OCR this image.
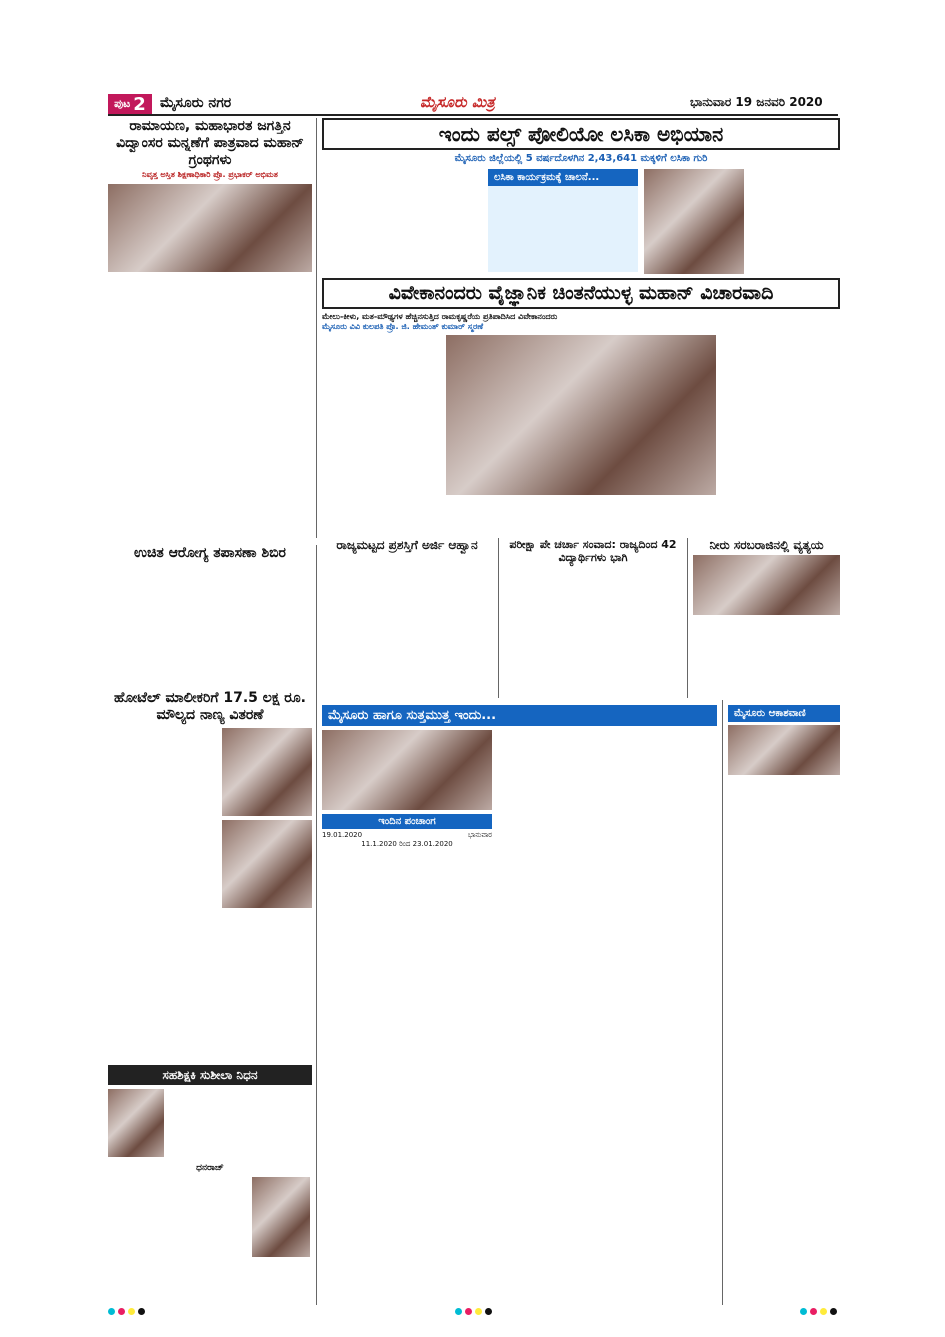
ಪುಟ 2 ಮೈಸೂರು ನಗರ	ಮೈಸೂರು ಮಿತ್ರ	ಭಾನುವಾರ 19 ಜನವರಿ 2020
ರಾಮಾಯಣ, ಮಹಾಭಾರತ ಜಗತ್ತಿನ ವಿದ್ವಾಂಸರ ಮನ್ನಣೆಗೆ ಪಾತ್ರವಾದ ಮಹಾನ್ ಗ್ರಂಥಗಳು
ನಿವೃತ್ತ ಅಸ್ತಿತ ಶಿಕ್ಷಣಾಧಿಕಾರಿ ಪ್ರೊ. ಪ್ರಭಾಕರ್ ಅಭಿಮತ
ಇಂದು ಪಲ್ಸ್ ಪೋಲಿಯೋ ಲಸಿಕಾ ಅಭಿಯಾನ
ಮೈಸೂರು ಜಿಲ್ಲೆಯಲ್ಲಿ 5 ವರ್ಷದೊಳಗಿನ 2,43,641 ಮಕ್ಕಳಿಗೆ ಲಸಿಕಾ ಗುರಿ
ಲಸಿಕಾ ಕಾರ್ಯಕ್ರಮಕ್ಕೆ ಚಾಲನೆ...
ವಿವೇಕಾನಂದರು ವೈಜ್ಞಾನಿಕ ಚಿಂತನೆಯುಳ್ಳ ಮಹಾನ್ ವಿಚಾರವಾದಿ
ಮೇಲು-ಕೀಳು, ಮತ-ಮೌಢ್ಯಗಳ ಹೆಚ್ಚಿನಸುತ್ತಿದ ರಾಮಕೃಷ್ಣರೆಯ ಪ್ರತಿಪಾದಿಸಿದ ವಿವೇಕಾನಂದರು
ಮೈಸೂರು ವಿವಿ ಕುಲಪತಿ ಪ್ರೊ. ಜಿ. ಹೇಮಂತ್ ಕುಮಾರ್ ಸ್ಮರಣೆ
ಉಚಿತ ಆರೋಗ್ಯ ತಪಾಸಣಾ ಶಿಬಿರ
ಹೋಟೆಲ್ ಮಾಲೀಕರಿಗೆ 17.5 ಲಕ್ಷ ರೂ. ಮೌಲ್ಯದ ನಾಣ್ಯ ವಿತರಣೆ
ಸಹಶಿಕ್ಷಕಿ ಸುಶೀಲಾ ನಿಧನ
ಧನರಾಜ್
ರಾಜ್ಯಮಟ್ಟದ ಪ್ರಶಸ್ತಿಗೆ ಅರ್ಜಿ ಆಹ್ವಾನ	ಪರೀಕ್ಷಾ ಪೇ ಚರ್ಚಾ ಸಂವಾದ: ರಾಜ್ಯದಿಂದ 42 ವಿದ್ಯಾರ್ಥಿಗಳು ಭಾಗಿ
ನೀರು ಸರಬರಾಜಿನಲ್ಲಿ ವ್ಯತ್ಯಯ
ಮೈಸೂರು ಹಾಗೂ ಸುತ್ತಮುತ್ತ ಇಂದು...
ಇಂದಿನ ಪಂಚಾಂಗ
19.01.2020	ಭಾನುವಾರ
11.1.2020 ರಿಂದ 23.01.2020
ಮೈಸೂರು ಆಕಾಶವಾಣಿ
